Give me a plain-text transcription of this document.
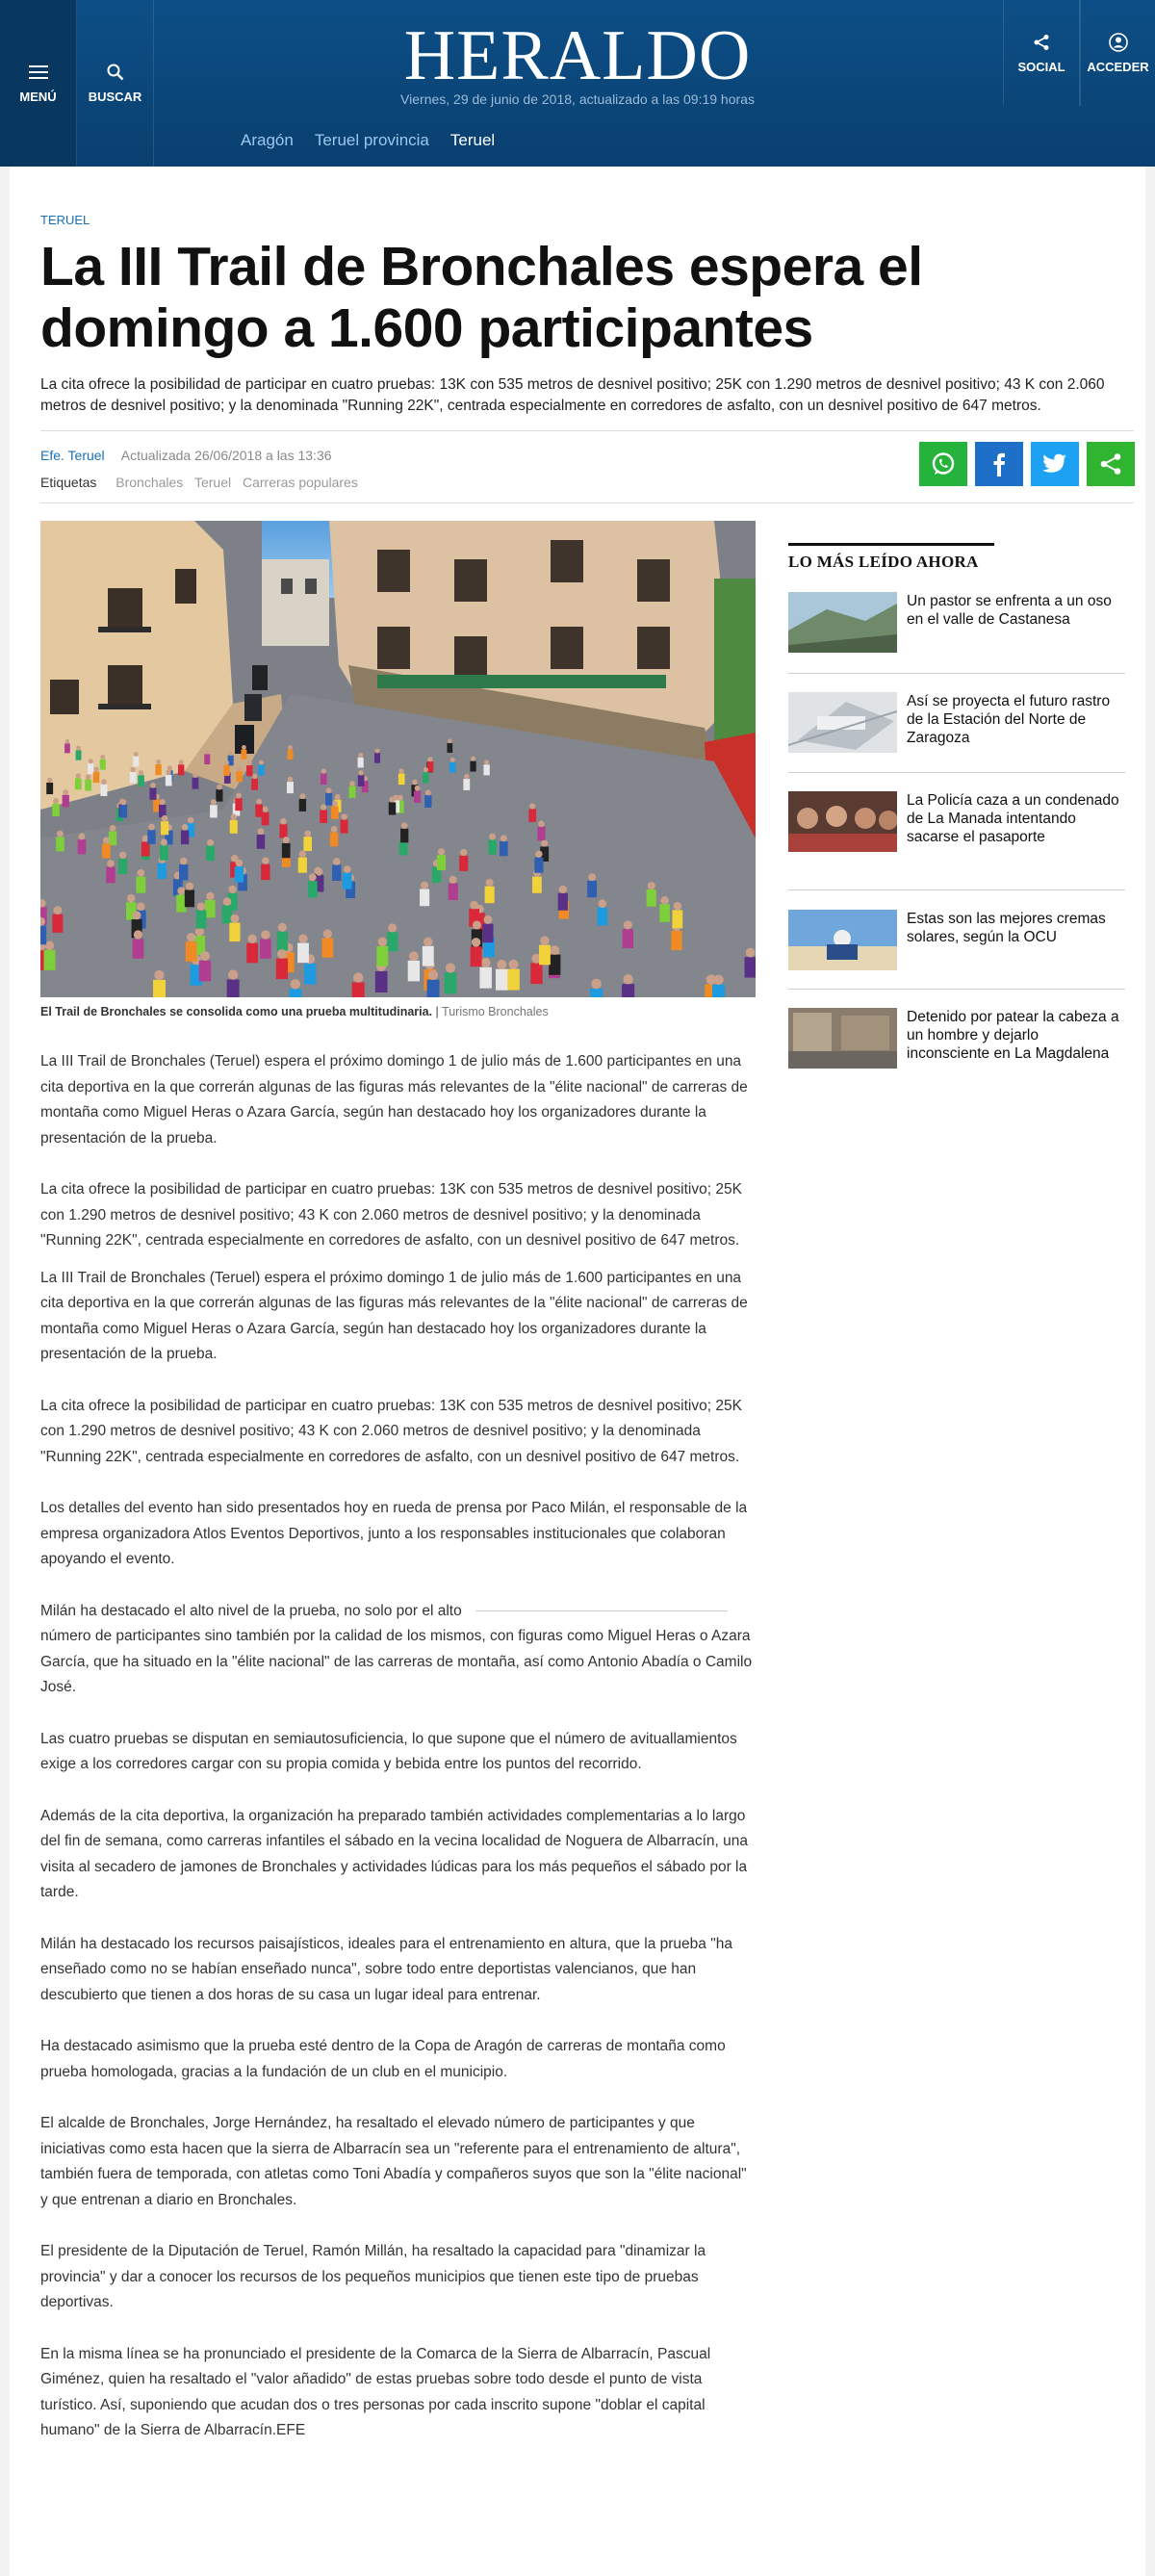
MENÚ	BUSCAR
HERALDO
Viernes, 29 de junio de 2018, actualizado a las 09:19 horas
Aragón Teruel provincia Teruel
SOCIAL ACCEDER
TERUEL
La III Trail de Bronchales espera el domingo a 1.600 participantes
La cita ofrece la posibilidad de participar en cuatro pruebas: 13K con 535 metros de desnivel positivo; 25K con 1.290 metros de desnivel positivo; 43 K con 2.060 metros de desnivel positivo; y la denominada "Running 22K", centrada especialmente en corredores de asfalto, con un desnivel positivo de 647 metros.
Efe. Teruel Actualizada 26/06/2018 a las 13:36
Etiquetas Bronchales Teruel Carreras populares
El Trail de Bronchales se consolida como una prueba multitudinaria. | Turismo Bronchales

La III Trail de Bronchales (Teruel) espera el próximo domingo 1 de julio más de 1.600 participantes en una cita deportiva en la que correrán algunas de las figuras más relevantes de la "élite nacional" de carreras de montaña como Miguel Heras o Azara García, según han destacado hoy los organizadores durante la presentación de la prueba.

La cita ofrece la posibilidad de participar en cuatro pruebas: 13K con 535 metros de desnivel positivo; 25K con 1.290 metros de desnivel positivo; 43 K con 2.060 metros de desnivel positivo; y la denominada "Running 22K", centrada especialmente en corredores de asfalto, con un desnivel positivo de 647 metros.

La III Trail de Bronchales (Teruel) espera el próximo domingo 1 de julio más de 1.600 participantes en una cita deportiva en la que correrán algunas de las figuras más relevantes de la "élite nacional" de carreras de montaña como Miguel Heras o Azara García, según han destacado hoy los organizadores durante la presentación de la prueba.

La cita ofrece la posibilidad de participar en cuatro pruebas: 13K con 535 metros de desnivel positivo; 25K con 1.290 metros de desnivel positivo; 43 K con 2.060 metros de desnivel positivo; y la denominada "Running 22K", centrada especialmente en corredores de asfalto, con un desnivel positivo de 647 metros.

Los detalles del evento han sido presentados hoy en rueda de prensa por Paco Milán, el responsable de la empresa organizadora Atlos Eventos Deportivos, junto a los responsables institucionales que colaboran apoyando el evento.

Milán ha destacado el alto nivel de la prueba, no solo por el alto
número de participantes sino también por la calidad de los mismos, con figuras como Miguel Heras o Azara García, que ha situado en la "élite nacional" de las carreras de montaña, así como Antonio Abadía o Camilo José.

Las cuatro pruebas se disputan en semiautosuficiencia, lo que supone que el número de avituallamientos exige a los corredores cargar con su propia comida y bebida entre los puntos del recorrido.

Además de la cita deportiva, la organización ha preparado también actividades complementarias a lo largo del fin de semana, como carreras infantiles el sábado en la vecina localidad de Noguera de Albarracín, una visita al secadero de jamones de Bronchales y actividades lúdicas para los más pequeños el sábado por la tarde.

Milán ha destacado los recursos paisajísticos, ideales para el entrenamiento en altura, que la prueba "ha enseñado como no se habían enseñado nunca", sobre todo entre deportistas valencianos, que han descubierto que tienen a dos horas de su casa un lugar ideal para entrenar.

Ha destacado asimismo que la prueba esté dentro de la Copa de Aragón de carreras de montaña como prueba homologada, gracias a la fundación de un club en el municipio.

El alcalde de Bronchales, Jorge Hernández, ha resaltado el elevado número de participantes y que iniciativas como esta hacen que la sierra de Albarracín sea un "referente para el entrenamiento de altura", también fuera de temporada, con atletas como Toni Abadía y compañeros suyos que son la "élite nacional" y que entrenan a diario en Bronchales.

El presidente de la Diputación de Teruel, Ramón Millán, ha resaltado la capacidad para "dinamizar la provincia" y dar a conocer los recursos de los pequeños municipios que tienen este tipo de pruebas deportivas.

En la misma línea se ha pronunciado el presidente de la Comarca de la Sierra de Albarracín, Pascual Giménez, quien ha resaltado el "valor añadido" de estas pruebas sobre todo desde el punto de vista turístico. Así, suponiendo que acudan dos o tres personas por cada inscrito supone "doblar el capital humano" de la Sierra de Albarracín.EFE

LO MÁS LEÍDO AHORA
Un pastor se enfrenta a un oso en el valle de Castanesa
Así se proyecta el futuro rastro de la Estación del Norte de Zaragoza
La Policía caza a un condenado de La Manada intentando sacarse el pasaporte
Estas son las mejores cremas solares, según la OCU
Detenido por patear la cabeza a un hombre y dejarlo inconsciente en La Magdalena
